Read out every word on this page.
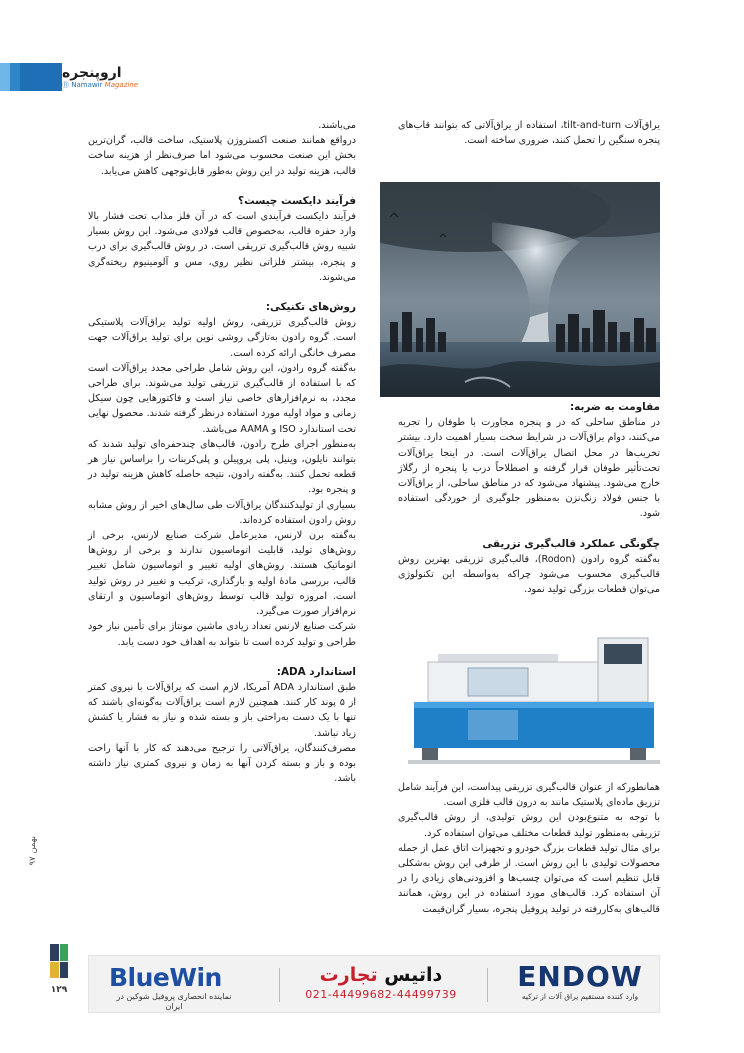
اروپنجره
Ⓡ Namawir Magazine

یراق‌آلات tilt-and-turn، استفاده از یراق‌آلاتی که بتوانند قاب‌های پنجره سنگین را تحمل کنند، ضروری ساخته است.

مقاومت به ضربه:

در مناطق ساحلی که در و پنجره مجاورت با طوفان را تجربه می‌کنند، دوام یراق‌آلات در شرایط سخت بسیار اهمیت دارد. بیشتر تخریب‌ها در محل اتصال یراق‌آلات است. در اینجا یراق‌آلات تحت‌تأثیر طوفان قرار گرفته و اصطلاحاً درب یا پنجره از رگلاژ خارج می‌شود. پیشنهاد می‌شود که در مناطق ساحلی، از یراق‌آلات با جنس فولاد زنگ‌نزن به‌منظور جلوگیری از خوردگی استفاده شود.

چگونگی عملکرد قالب‌گیری تزریقی

به‌گفته گروه رادون (Rodon)، قالب‌گیری تزریقی بهترین روش قالب‌گیری محسوب می‌شود چراکه به‌واسطه این تکنولوژی می‌توان قطعات بزرگی تولید نمود.

همانطورکه از عنوان قالب‌گیری تزریقی پیداست، این فرآیند شامل تزریق ماده‌ای پلاستیک مانند به درون قالب فلزی است.

با توجه به متنوع‌بودن این روش تولیدی، از روش قالب‌گیری تزریقی به‌منظور تولید قطعات مختلف می‌توان استفاده کرد.

برای مثال تولید قطعات بزرگ خودرو و تجهیزات اتاق عمل از جمله محصولات تولیدی با این روش است. از طرفی این روش به‌شکلی قابل تنظیم است که می‌توان چسب‌ها و افزودنی‌های زیادی را در آن استفاده کرد. قالب‌های مورد استفاده در این روش، همانند قالب‌های به‌کاررفته در تولید پروفیل پنجره، بسیار گران‌قیمت

می‌باشند.

درواقع همانند صنعت اکستروژن پلاستیک، ساخت قالب، گران‌ترین بخش این صنعت محسوب می‌شود اما صرف‌نظر از هزینه ساخت قالب، هزینه تولید در این روش به‌طور قابل‌توجهی کاهش می‌یابد.

فرآیند دایکست چیست؟

فرآیند دایکست فرآیندی است که در آن فلز مذاب تحت فشار بالا وارد حفره قالب، به‌خصوص قالب فولادی می‌شود. این روش بسیار شبیه روش قالب‌گیری تزریقی است. در روش قالب‌گیری برای درب و پنجره، بیشتر فلزاتی نظیر روی، مس و آلومینیوم ریخته‌گری می‌شوند.

روش‌های تکنیکی:

روش قالب‌گیری تزریقی، روش اولیه تولید یراق‌آلات پلاستیکی است. گروه رادون به‌تازگی روشی نوین برای تولید یراق‌آلات جهت مصرف خانگی ارائه کرده است.

به‌گفته گروه رادون، این روش شامل طراحی مجدد یراق‌آلات است که با استفاده از قالب‌گیری تزریقی تولید می‌شوند. برای طراحی مجدد، به نرم‌افزارهای خاصی نیاز است و فاکتورهایی چون سیکل زمانی و مواد اولیه مورد استفاده درنظر گرفته شدند. محصول نهایی تحت استاندارد ISO و AAMA می‌باشد.

به‌منظور اجرای طرح رادون، قالب‌های چندحفره‌ای تولید شدند که بتوانند نایلون، وینیل، پلی پروپیلن و پلی‌کربنات را براساس نیاز هر قطعه تحمل کنند. به‌گفته رادون، نتیجه حاصله کاهش هزینه تولید در و پنجره بود.

بسیاری از تولیدکنندگان یراق‌آلات طی سال‌های اخیر از روش مشابه روش رادون استفاده کرده‌اند.

به‌گفته برن لارنس، مدیرعامل شرکت صنایع لارنس، برخی از روش‌های تولید، قابلیت اتوماسیون ندارند و برخی از روش‌ها اتوماتیک هستند. روش‌های اولیه تغییر و اتوماسیون شامل تغییر قالب، بررسی مادهٔ اولیه و بارگذاری، ترکیب و تغییر در روش تولید است. امروزه تولید قالب توسط روش‌های اتوماسیون و ارتقای نرم‌افزار صورت می‌گیرد.

شرکت صنایع لارنس تعداد زیادی ماشین مونتاژ برای تأمین نیاز خود طراحی و تولید کرده است تا بتواند به اهداف خود دست یابد.

استاندارد ADA:

طبق استاندارد ADA آمریکا، لازم است که یراق‌آلات با نیروی کمتر از ۵ پوند کار کنند. همچنین لازم است یراق‌آلات به‌گونه‌ای باشند که تنها با یک دست به‌راحتی باز و بسته شده و نیاز به فشار یا کشش زیاد نباشد.

مصرف‌کنندگان، یراق‌آلاتی را ترجیح می‌دهند که کار با آنها راحت بوده و باز و بسته کردن آنها به زمان و نیروی کمتری نیاز داشته باشد.

بهمن ۹۷
۱۲۹ BlueWin
نماینده انحصاری پروفیل شوکین در ایران
داتیس تجارت
021-44499682-44499739
ENDOW
وارد کننده مستقیم یراق آلات از ترکیه
